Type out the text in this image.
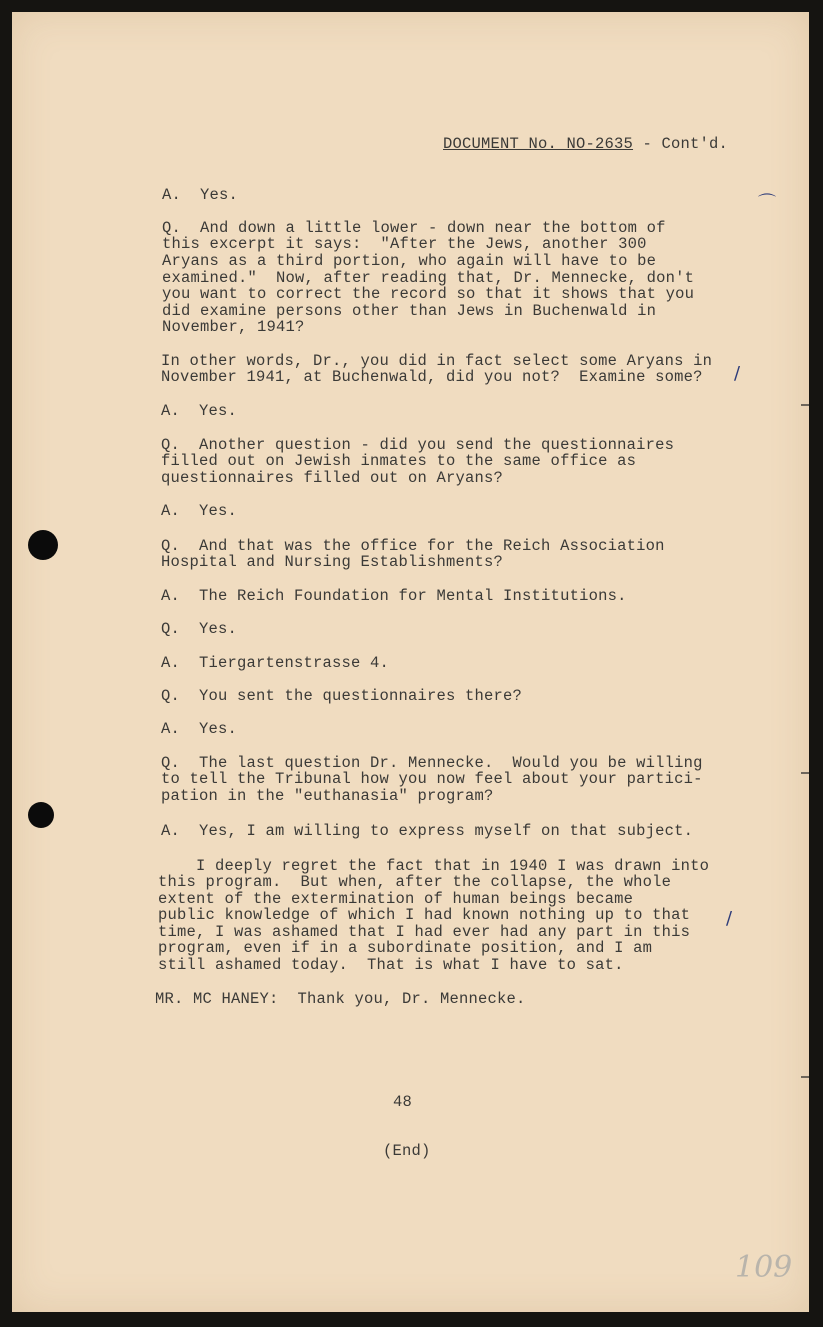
DOCUMENT No. NO-2635 - Cont'd.

A.  Yes.

Q.  And down a little lower - down near the bottom of

this excerpt it says:  "After the Jews, another 300

Aryans as a third portion, who again will have to be

examined."  Now, after reading that, Dr. Mennecke, don't

you want to correct the record so that it shows that you

did examine persons other than Jews in Buchenwald in

November, 1941?

In other words, Dr., you did in fact select some Aryans in

November 1941, at Buchenwald, did you not?  Examine some?

A.  Yes.

Q.  Another question - did you send the questionnaires

filled out on Jewish inmates to the same office as

questionnaires filled out on Aryans?

A.  Yes.

Q.  And that was the office for the Reich Association

Hospital and Nursing Establishments?

A.  The Reich Foundation for Mental Institutions.

Q.  Yes.

A.  Tiergartenstrasse 4.

Q.  You sent the questionnaires there?

A.  Yes.

Q.  The last question Dr. Mennecke.  Would you be willing

to tell the Tribunal how you now feel about your partici-

pation in the "euthanasia" program?

A.  Yes, I am willing to express myself on that subject.

I deeply regret the fact that in 1940 I was drawn into

this program.  But when, after the collapse, the whole

extent of the extermination of human beings became

public knowledge of which I had known nothing up to that

time, I was ashamed that I had ever had any part in this

program, even if in a subordinate position, and I am

still ashamed today.  That is what I have to sat.

MR. MC HANEY:  Thank you, Dr. Mennecke.

48

(End)

⌒
/
/
109
